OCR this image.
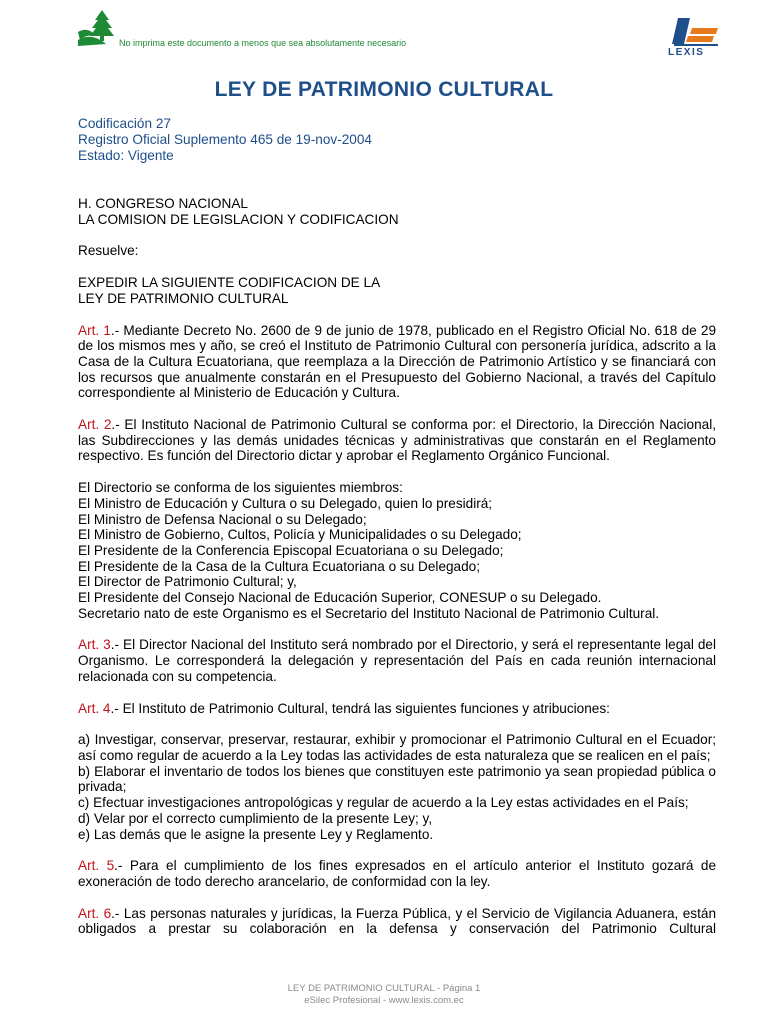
No imprima este documento a menos que sea absolutamente necesario
LEXIS
LEY DE PATRIMONIO CULTURAL
Codificación 27
Registro Oficial Suplemento 465 de 19-nov-2004
Estado: Vigente

H. CONGRESO NACIONAL

LA COMISION DE LEGISLACION Y CODIFICACION

Resuelve:

EXPEDIR LA SIGUIENTE CODIFICACION DE LA

LEY DE PATRIMONIO CULTURAL

Art. 1.- Mediante Decreto No. 2600 de 9 de junio de 1978, publicado en el Registro Oficial No. 618 de 29 de los mismos mes y año, se creó el Instituto de Patrimonio Cultural con personería jurídica, adscrito a la Casa de la Cultura Ecuatoriana, que reemplaza a la Dirección de Patrimonio Artístico y se financiará con los recursos que anualmente constarán en el Presupuesto del Gobierno Nacional, a través del Capítulo correspondiente al Ministerio de Educación y Cultura.

Art. 2.- El Instituto Nacional de Patrimonio Cultural se conforma por: el Directorio, la Dirección Nacional, las Subdirecciones y las demás unidades técnicas y administrativas que constarán en el Reglamento respectivo. Es función del Directorio dictar y aprobar el Reglamento Orgánico Funcional.

El Directorio se conforma de los siguientes miembros:

El Ministro de Educación y Cultura o su Delegado, quien lo presidirá;

El Ministro de Defensa Nacional o su Delegado;

El Ministro de Gobierno, Cultos, Policía y Municipalidades o su Delegado;

El Presidente de la Conferencia Episcopal Ecuatoriana o su Delegado;

El Presidente de la Casa de la Cultura Ecuatoriana o su Delegado;

El Director de Patrimonio Cultural; y,

El Presidente del Consejo Nacional de Educación Superior, CONESUP o su Delegado.

Secretario nato de este Organismo es el Secretario del Instituto Nacional de Patrimonio Cultural.

Art. 3.- El Director Nacional del Instituto será nombrado por el Directorio, y será el representante legal del Organismo. Le corresponderá la delegación y representación del País en cada reunión internacional relacionada con su competencia.

Art. 4.- El Instituto de Patrimonio Cultural, tendrá las siguientes funciones y atribuciones:

a) Investigar, conservar, preservar, restaurar, exhibir y promocionar el Patrimonio Cultural en el Ecuador; así como regular de acuerdo a la Ley todas las actividades de esta naturaleza que se realicen en el país;

b) Elaborar el inventario de todos los bienes que constituyen este patrimonio ya sean propiedad pública o privada;

c) Efectuar investigaciones antropológicas y regular de acuerdo a la Ley estas actividades en el País;

d) Velar por el correcto cumplimiento de la presente Ley; y,

e) Las demás que le asigne la presente Ley y Reglamento.

Art. 5.- Para el cumplimiento de los fines expresados en el artículo anterior el Instituto gozará de exoneración de todo derecho arancelario, de conformidad con la ley.

Art. 6.- Las personas naturales y jurídicas, la Fuerza Pública, y el Servicio de Vigilancia Aduanera, están obligados a prestar su colaboración en la defensa y conservación del Patrimonio Cultural

LEY DE PATRIMONIO CULTURAL - Página 1
eSilec Profesional - www.lexis.com.ec
